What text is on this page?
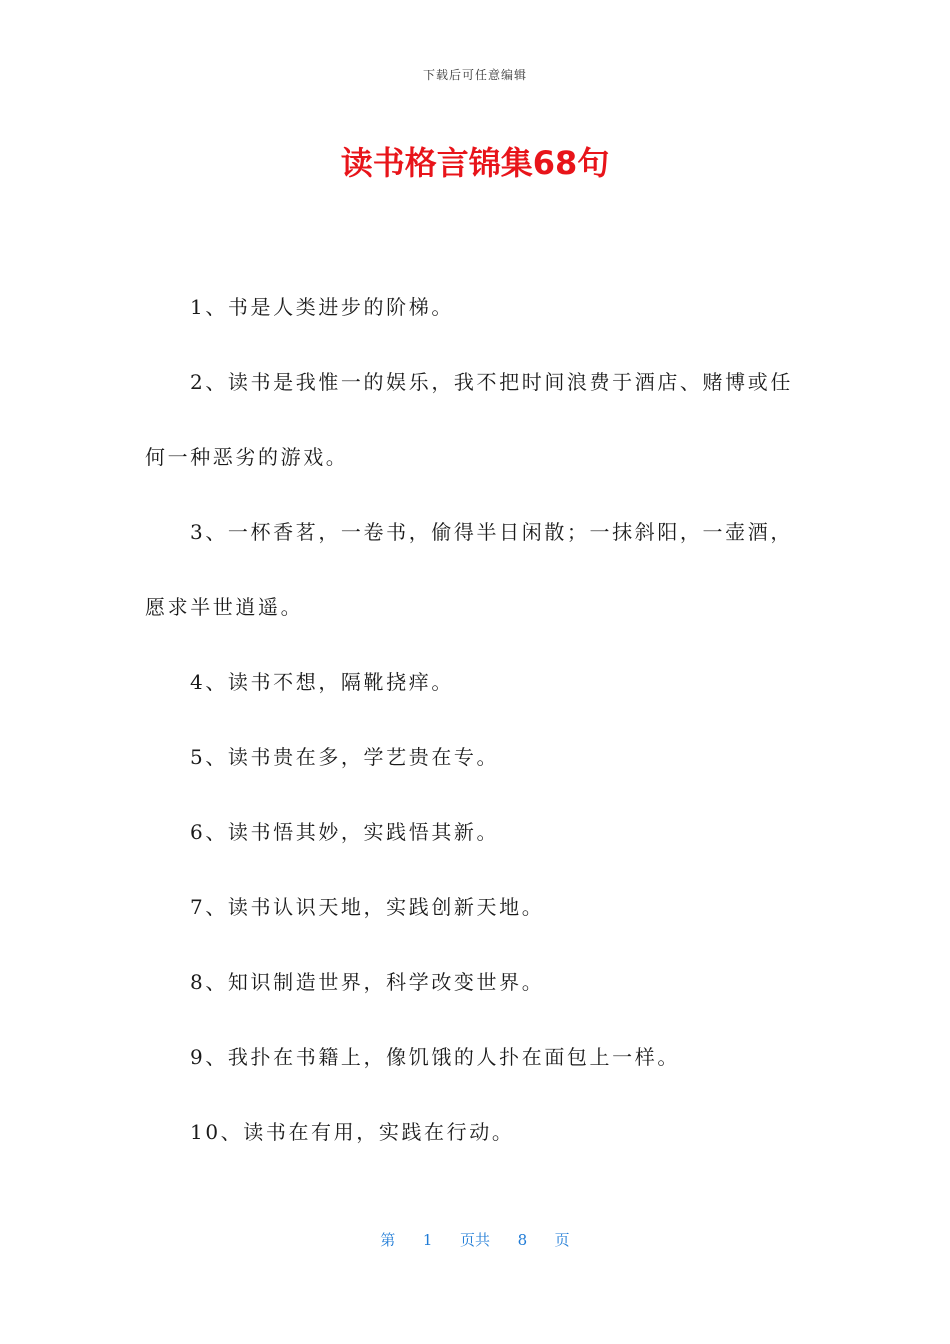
下载后可任意编辑
读书格言锦集68句

1、书是人类进步的阶梯。

2、读书是我惟一的娱乐，我不把时间浪费于酒店、赌博或任何一种恶劣的游戏。

3、一杯香茗，一卷书，偷得半日闲散；一抹斜阳，一壶酒，愿求半世逍遥。

4、读书不想，隔靴挠痒。

5、读书贵在多，学艺贵在专。

6、读书悟其妙，实践悟其新。

7、读书认识天地，实践创新天地。

8、知识制造世界，科学改变世界。

9、我扑在书籍上，像饥饿的人扑在面包上一样。

10、读书在有用，实践在行动。

第 1 页共 8 页
